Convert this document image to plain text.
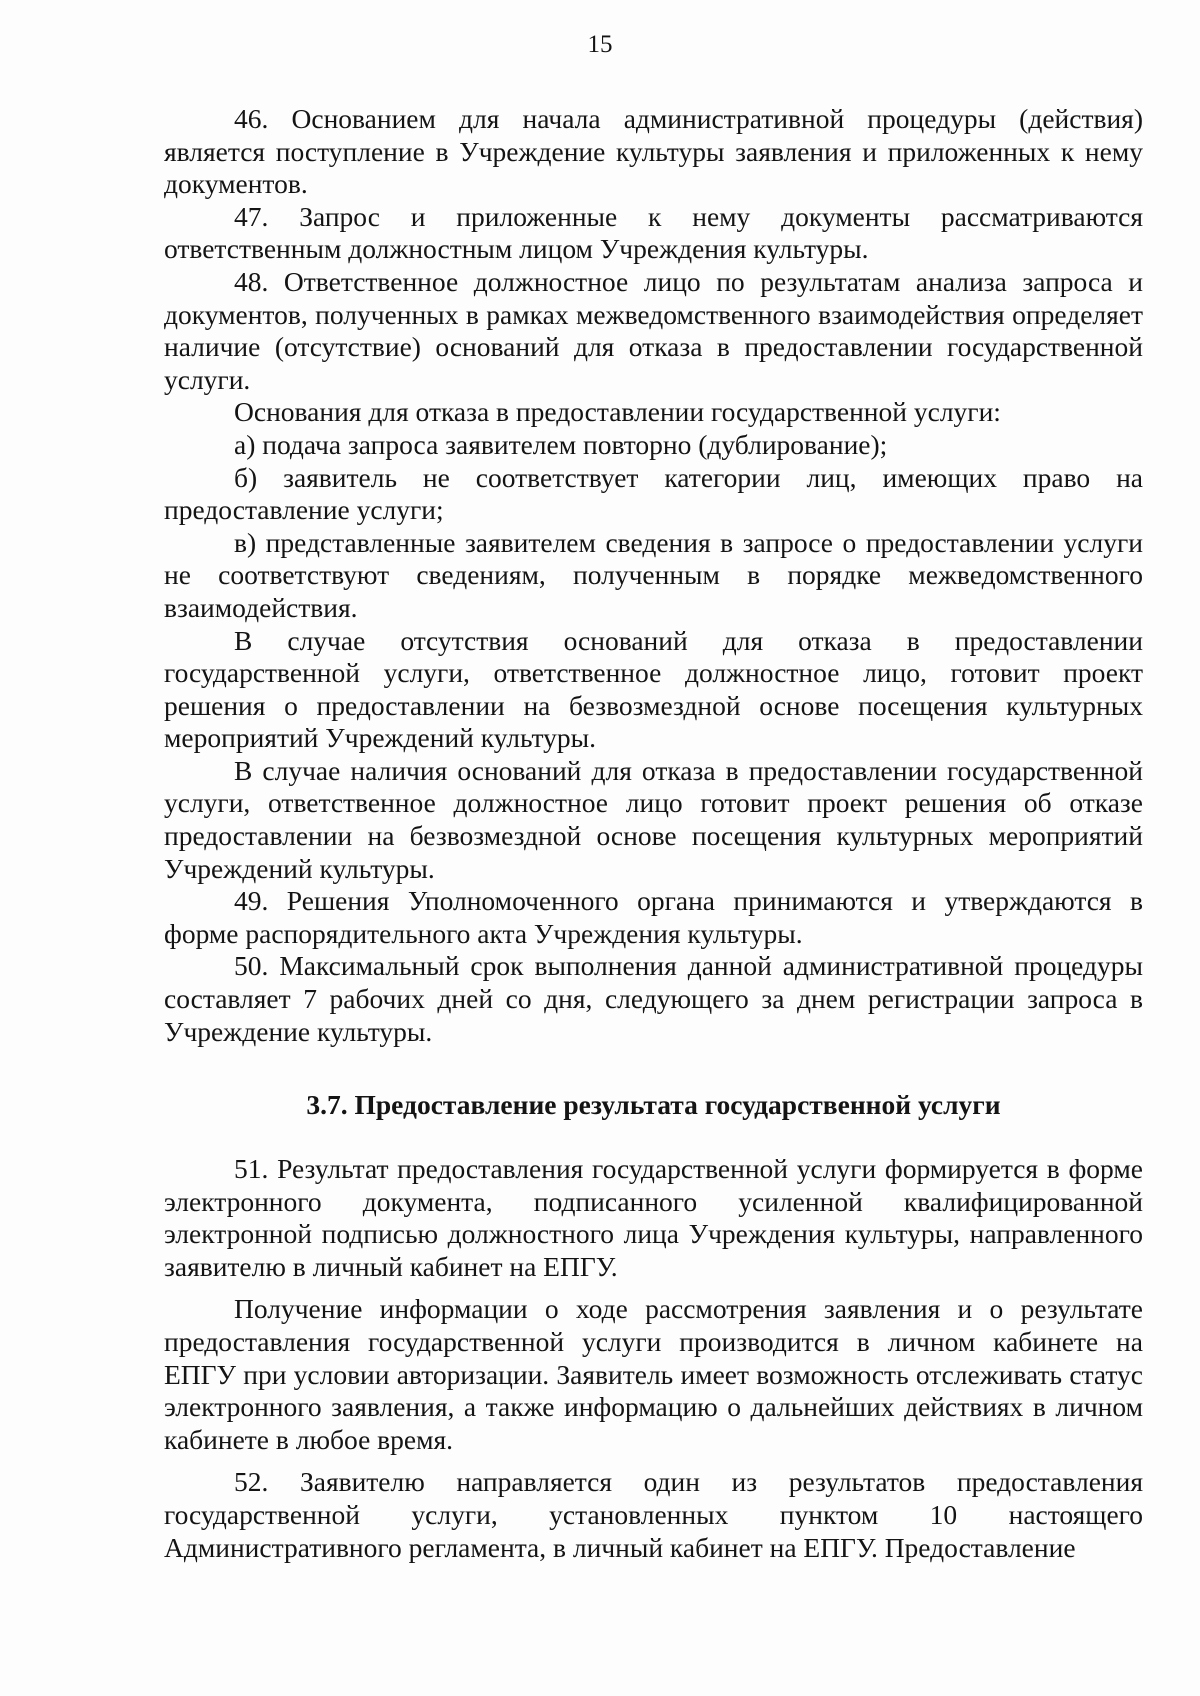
15

46. Основанием для начала административной процедуры (действия) является поступление в Учреждение культуры заявления и приложенных к нему документов.

47. Запрос и приложенные к нему документы рассматриваются ответственным должностным лицом Учреждения культуры.

48. Ответственное должностное лицо по результатам анализа запроса и документов, полученных в рамках межведомственного взаимодействия определяет наличие (отсутствие) оснований для отказа в предоставлении государственной услуги.

Основания для отказа в предоставлении государственной услуги:

а) подача запроса заявителем повторно (дублирование);

б) заявитель не соответствует категории лиц, имеющих право на предоставление услуги;

в) представленные заявителем сведения в запросе о предоставлении услуги не соответствуют сведениям, полученным в порядке межведомственного взаимодействия.

В случае отсутствия оснований для отказа в предоставлении государственной услуги, ответственное должностное лицо, готовит проект решения о предоставлении на безвозмездной основе посещения культурных мероприятий Учреждений культуры.

В случае наличия оснований для отказа в предоставлении государственной услуги, ответственное должностное лицо готовит проект решения об отказе предоставлении на безвозмездной основе посещения культурных мероприятий Учреждений культуры.

49. Решения Уполномоченного органа принимаются и утверждаются в форме распорядительного акта Учреждения культуры.

50. Максимальный срок выполнения данной административной процедуры составляет 7 рабочих дней со дня, следующего за днем регистрации запроса в Учреждение культуры.

3.7. Предоставление результата государственной услуги

51. Результат предоставления государственной услуги формируется в форме электронного документа, подписанного усиленной квалифицированной электронной подписью должностного лица Учреждения культуры, направленного заявителю в личный кабинет на ЕПГУ.

Получение информации о ходе рассмотрения заявления и о результате предоставления государственной услуги производится в личном кабинете на ЕПГУ при условии авторизации. Заявитель имеет возможность отслеживать статус электронного заявления, а также информацию о дальнейших действиях в личном кабинете в любое время.

52. Заявителю направляется один из результатов предоставления государственной услуги, установленных пунктом 10 настоящего Административного регламента, в личный кабинет на ЕПГУ. Предоставление
